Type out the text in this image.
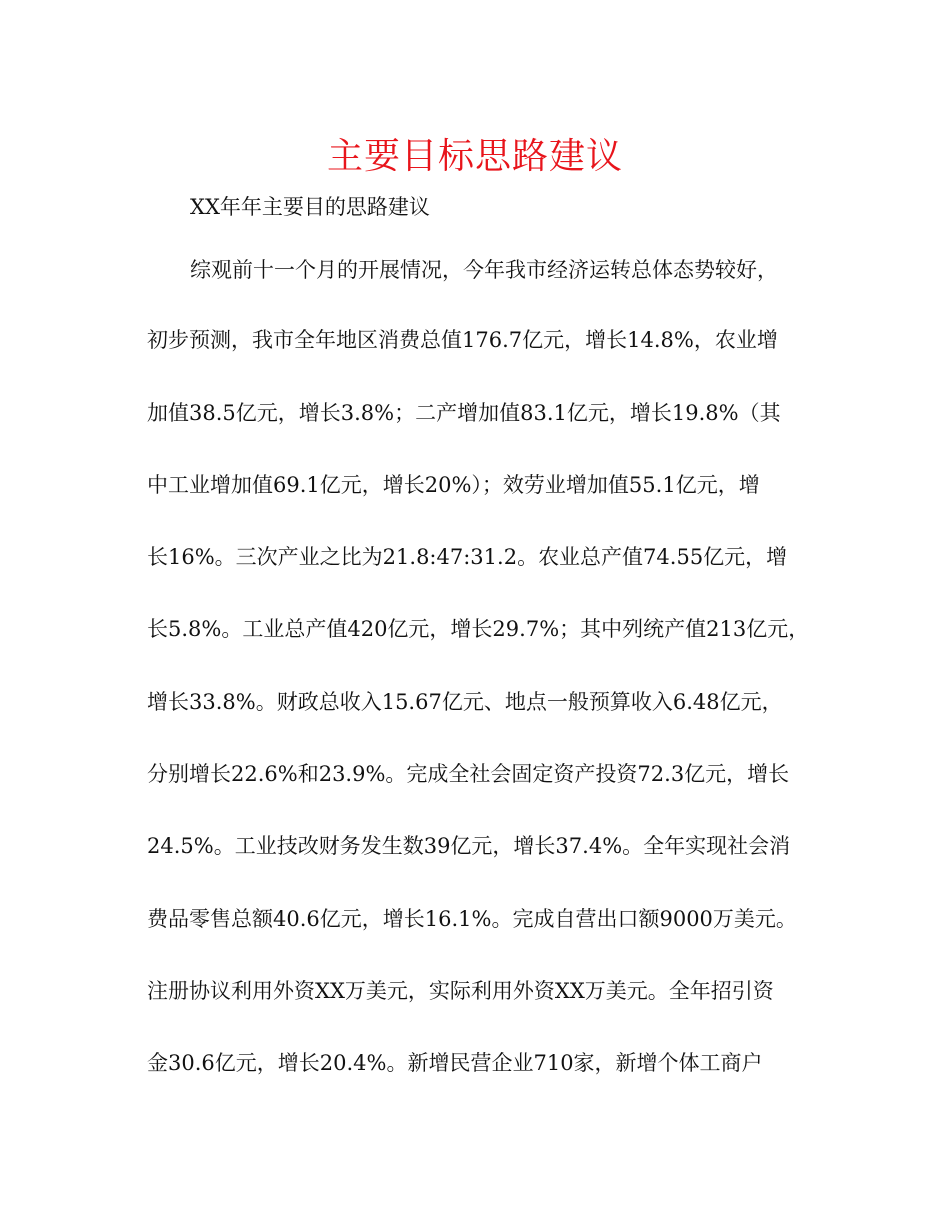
主要目标思路建议
XX年年主要目的思路建议
综观前十一个月的开展情况，今年我市经济运转总体态势较好，
初步预测，我市全年地区消费总值176.7亿元，增长14.8%，农业增
加值38.5亿元，增长3.8%；二产增加值83.1亿元，增长19.8%（其
中工业增加值69.1亿元，增长20%）；效劳业增加值55.1亿元，增
长16%。三次产业之比为21.8:47:31.2。农业总产值74.55亿元，增
长5.8%。工业总产值420亿元，增长29.7%；其中列统产值213亿元，
增长33.8%。财政总收入15.67亿元、地点一般预算收入6.48亿元，
分别增长22.6%和23.9%。完成全社会固定资产投资72.3亿元，增长
24.5%。工业技改财务发生数39亿元，增长37.4%。全年实现社会消
费品零售总额40.6亿元，增长16.1%。完成自营出口额9000万美元。
注册协议利用外资XX万美元，实际利用外资XX万美元。全年招引资
金30.6亿元，增长20.4%。新增民营企业710家，新增个体工商户
